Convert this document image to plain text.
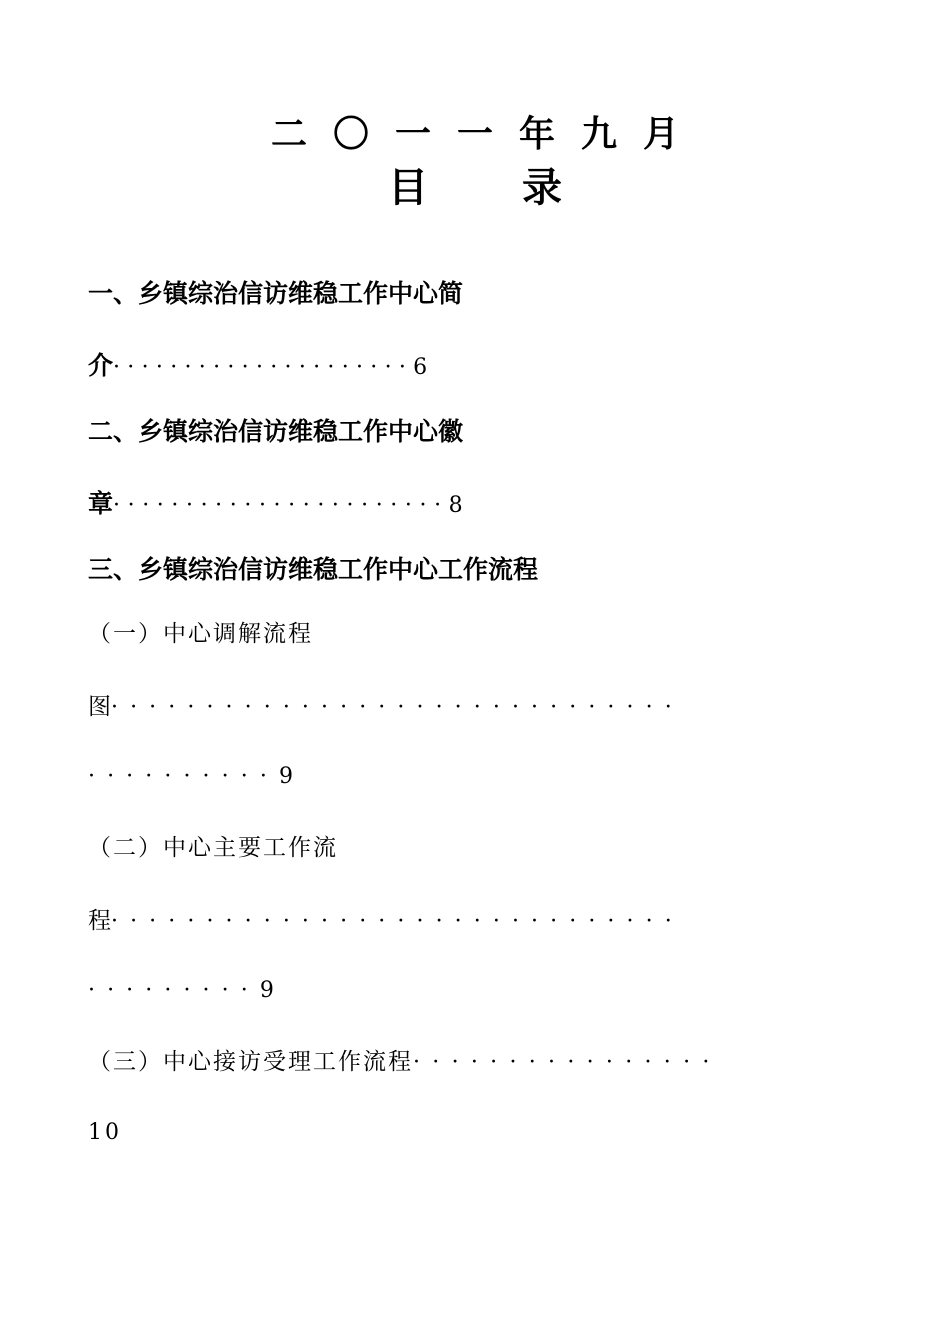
二〇一一年九月
目录
一、乡镇综治信访维稳工作中心简
介·····················6
二、乡镇综治信访维稳工作中心徽
章·······················8
三、乡镇综治信访维稳工作中心工作流程
（一）中心调解流程
图······························
··········9
（二）中心主要工作流
程······························
·········9
（三）中心接访受理工作流程················
10
